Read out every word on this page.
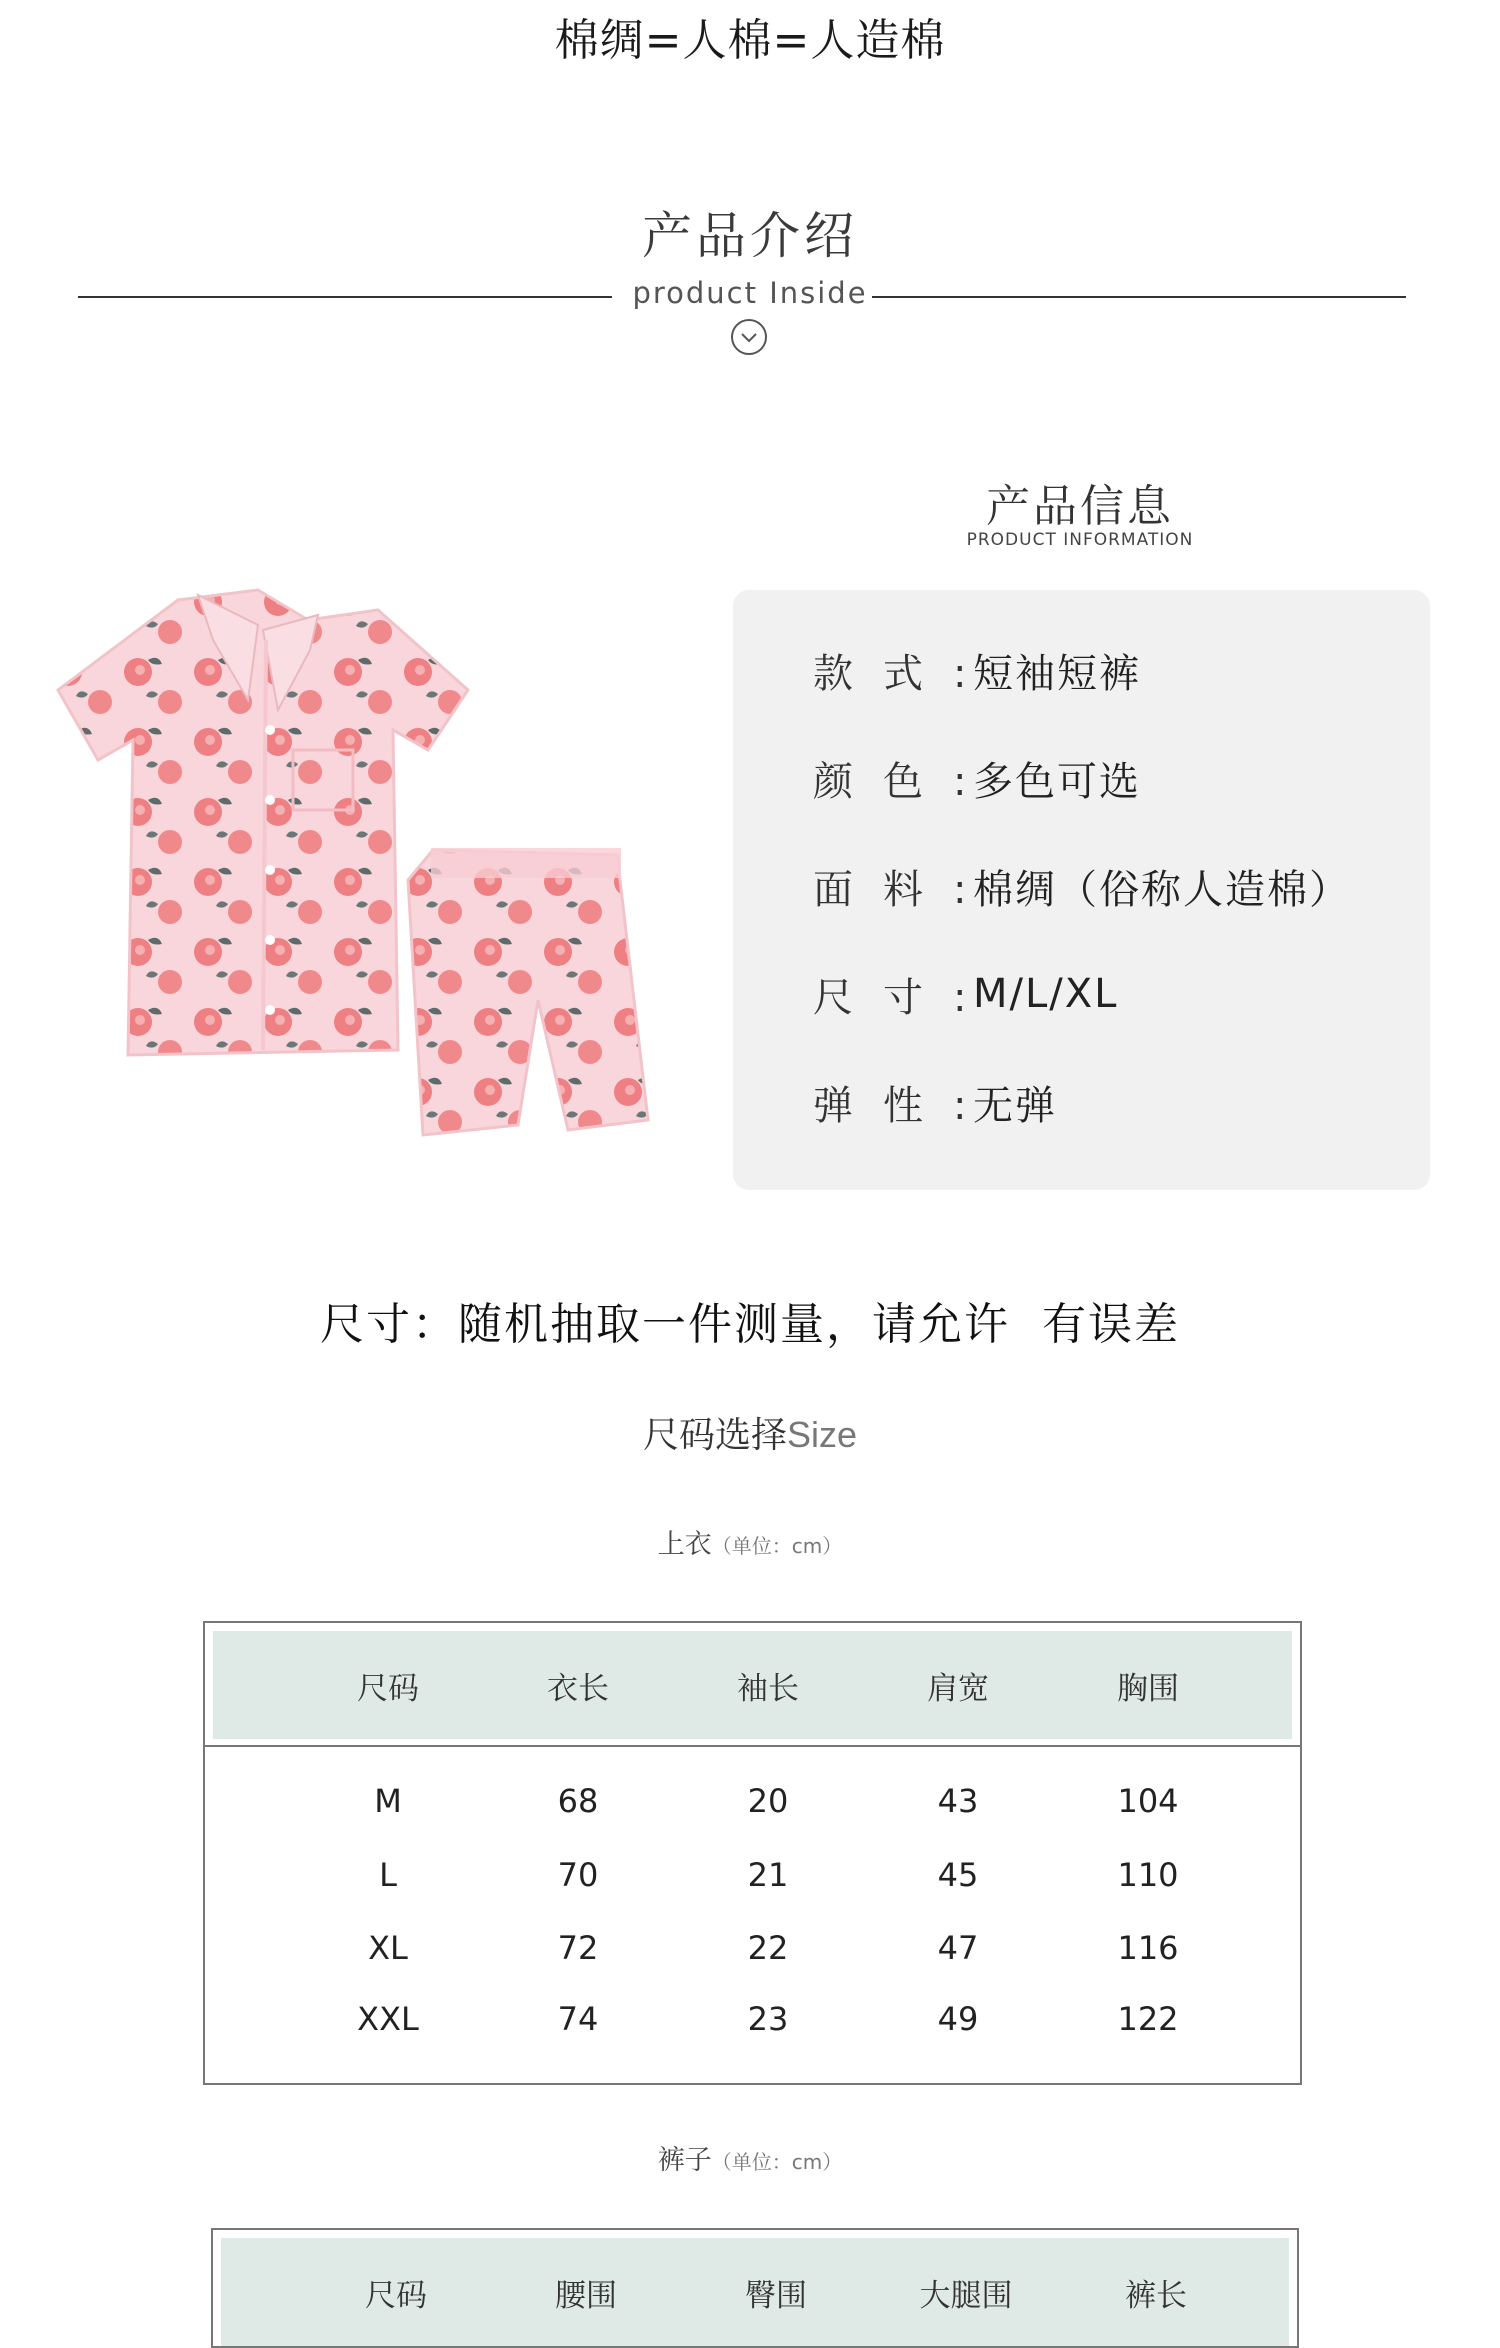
棉绸=人棉=人造棉
产品介绍
product Inside
产品信息
PRODUCT INFORMATION
款式:
短袖短裤
颜色:
多色可选
面料:
棉绸（俗称人造棉）
尺寸:
M/L/XL
弹性:
无弹
尺寸：随机抽取一件测量，请允许  有误差
尺码选择Size
上衣（单位：cm）
尺码	衣长	袖长	肩宽	胸围
M	68	20	43	104
L	70	21	45	110
XL	72	22	47	116
XXL	74	23	49	122
裤子（单位：cm）
尺码	腰围	臀围	大腿围	裤长
